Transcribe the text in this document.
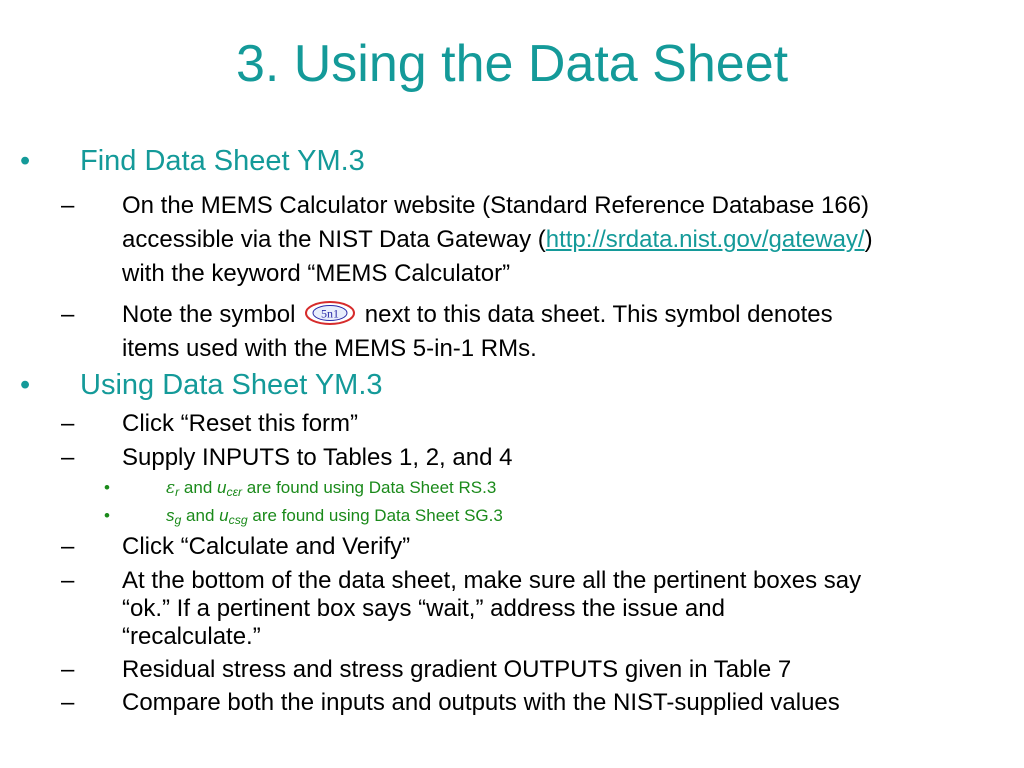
3. Using the Data Sheet
• Find Data Sheet YM.3
– On the MEMS Calculator website (Standard Reference Database 166)
accessible via the NIST Data Gateway (http://srdata.nist.gov/gateway/)
with the keyword “MEMS Calculator”
– Note the symbol 5n1 next to this data sheet. This symbol denotes
items used with the MEMS 5-in-1 RMs.
• Using Data Sheet YM.3
– Click “Reset this form”
– Supply INPUTS to Tables 1, 2, and 4
•	$\varepsilon_r$ and $u_{c\varepsilon r}$ are found using Data Sheet RS.3
•	$s_g$ and $u_{csg}$ are found using Data Sheet SG.3
– Click “Calculate and Verify”
– At the bottom of the data sheet, make sure all the pertinent boxes say
“ok.” If a pertinent box says “wait,” address the issue and
“recalculate.”
– Residual stress and stress gradient OUTPUTS given in Table 7
– Compare both the inputs and outputs with the NIST-supplied values
